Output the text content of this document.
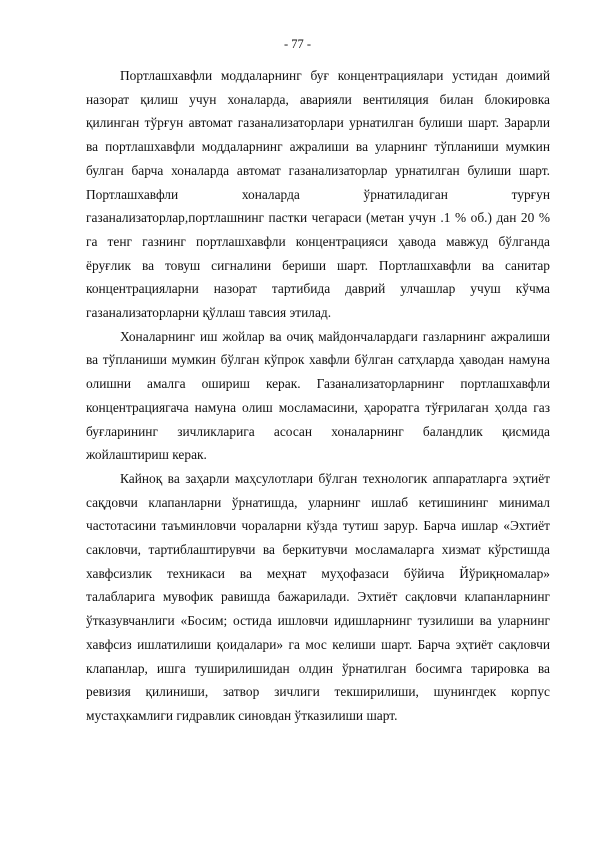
- 77 -

Портлашхавфли моддаларнинг буғ концентрациялари устидан доимий назорат қилиш учун хоналарда, аварияли вентиляция билан блокировка қилинган тўрғун автомат газанализаторлари урнатилган булиши шарт. Зарарли ва портлашхавфли моддаларнинг ажралиши ва уларнинг тўпланиши мумкин булган барча хоналарда автомат газанализаторлар урнатилган булиши шарт. Портлашхавфли хоналарда ўрнатиладиган турғун газанализаторлар,портлашнинг пастки чегараси (метан учун .1 % об.) дан 20 % га тенг газнинг портлашхавфли концентрацияси ҳавода мавжуд бўлганда ёруғлик ва товуш сигналини бериши шарт. Портлашхавфли ва санитар концентрацияларни назорат тартибида даврий улчашлар учуш кўчма газанализаторларни қўллаш тавсия этилад.

Хоналарнинг иш жойлар ва очиқ майдончалардаги газларнинг ажралиши ва тўпланиши мумкин бўлган кўпрок хавфли бўлган сатҳларда ҳаводан намуна олишни амалга ошириш керак. Газанализаторларнинг портлашхавфли концентрациягача намуна олиш мосламасини, ҳароратга тўғрилаган ҳолда газ буғларининг зичликларига асосан хоналарнинг баландлик қисмида жойлаштириш керак.

Кайноқ ва заҳарли маҳсулотлари бўлган технологик аппаратларга эҳтиёт сақдовчи клапанларни ўрнатишда, уларнинг ишлаб кетишининг минимал частотасини таъминловчи чораларни кўзда тутиш зарур. Барча ишлар «Эхтиёт сакловчи, тартиблаштирувчи ва беркитувчи мосламаларга хизмат кўрстишда хавфсизлик техникаси ва меҳнат муҳофазаси бўйича Йўриқномалар» талабларига мувофик равишда бажарилади. Эхтиёт сақловчи клапанларнинг ўтказувчанлиги «Босим; остида ишловчи идишларнинг тузилиши ва уларнинг хавфсиз ишлатилиши қоидалари» га мос келиши шарт. Барча эҳтиёт сақловчи клапанлар, ишга туширилишидан олдин ўрнатилган босимга тарировка ва ревизия қилиниши, затвор зичлиги текширилиши, шунингдек корпус мустаҳкамлиги гидравлик синовдан ўтказилиши шарт.
